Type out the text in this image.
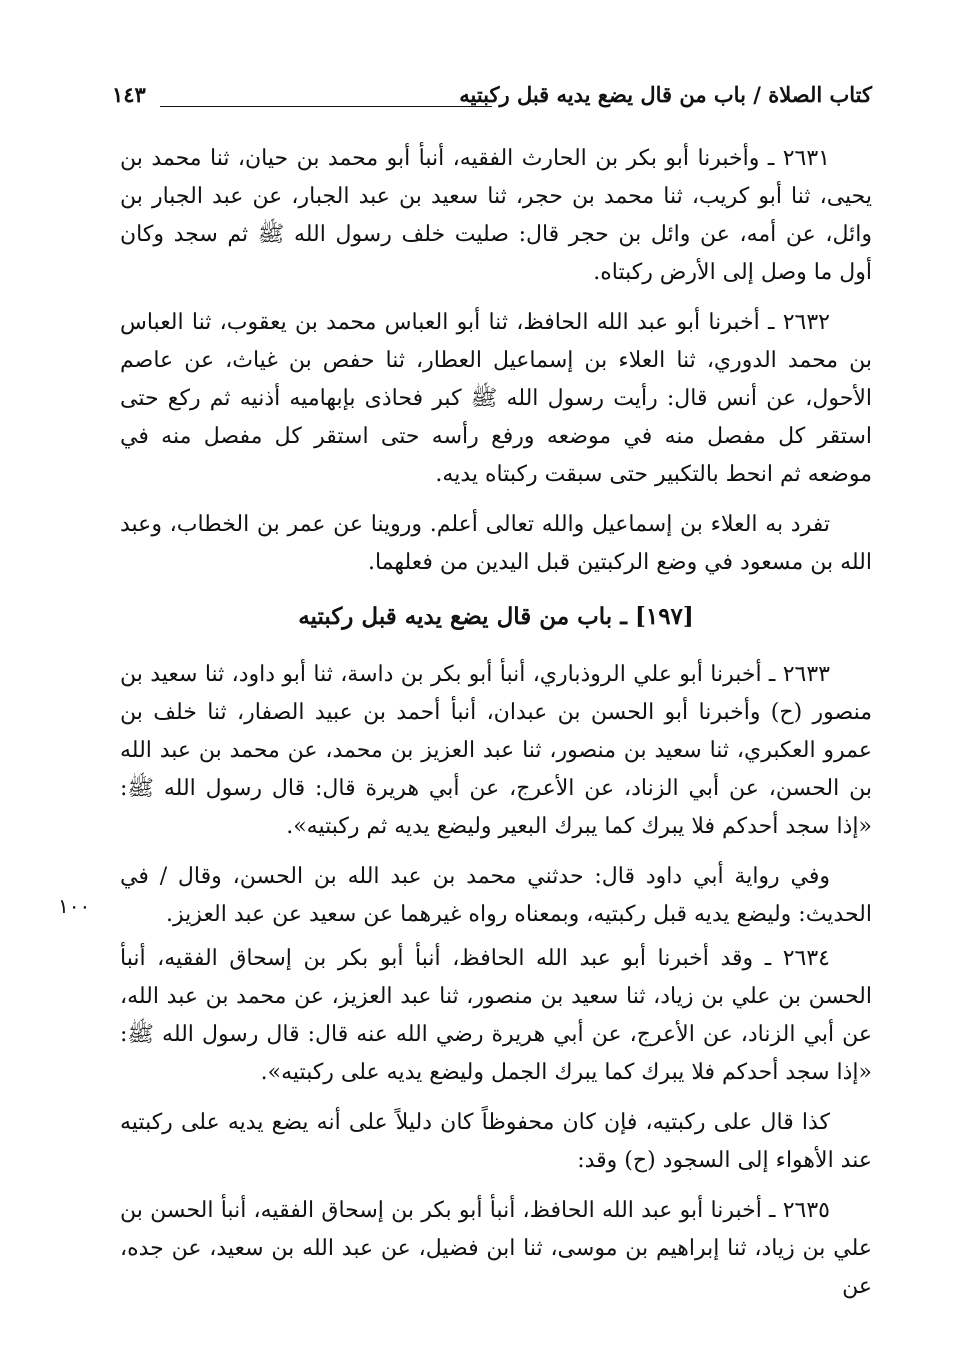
كتاب الصلاة / باب من قال يضع يديه قبل ركبتيه
١٤٣
١٠٠

٢٦٣١ ـ وأخبرنا أبو بكر بن الحارث الفقيه، أنبأ أبو محمد بن حيان، ثنا محمد بن يحيى، ثنا أبو كريب، ثنا محمد بن حجر، ثنا سعيد بن عبد الجبار، عن عبد الجبار بن وائل، عن أمه، عن وائل بن حجر قال: صليت خلف رسول الله ﷺ ثم سجد وكان أول ما وصل إلى الأرض ركبتاه.

٢٦٣٢ ـ أخبرنا أبو عبد الله الحافظ، ثنا أبو العباس محمد بن يعقوب، ثنا العباس بن محمد الدوري، ثنا العلاء بن إسماعيل العطار، ثنا حفص بن غياث، عن عاصم الأحول، عن أنس قال: رأيت رسول الله ﷺ كبر فحاذى بإبهاميه أذنيه ثم ركع حتى استقر كل مفصل منه في موضعه ورفع رأسه حتى استقر كل مفصل منه في موضعه ثم انحط بالتكبير حتى سبقت ركبتاه يديه.

تفرد به العلاء بن إسماعيل والله تعالى أعلم. وروينا عن عمر بن الخطاب، وعبد الله بن مسعود في وضع الركبتين قبل اليدين من فعلهما.

[١٩٧] ـ باب من قال يضع يديه قبل ركبتيه

٢٦٣٣ ـ أخبرنا أبو علي الروذباري، أنبأ أبو بكر بن داسة، ثنا أبو داود، ثنا سعيد بن منصور (ح) وأخبرنا أبو الحسن بن عبدان، أنبأ أحمد بن عبيد الصفار، ثنا خلف بن عمرو العكبري، ثنا سعيد بن منصور، ثنا عبد العزيز بن محمد، عن محمد بن عبد الله بن الحسن، عن أبي الزناد، عن الأعرج، عن أبي هريرة قال: قال رسول الله ﷺ: «إذا سجد أحدكم فلا يبرك كما يبرك البعير وليضع يديه ثم ركبتيه».

وفي رواية أبي داود قال: حدثني محمد بن عبد الله بن الحسن، وقال / في الحديث: وليضع يديه قبل ركبتيه، وبمعناه رواه غيرهما عن سعيد عن عبد العزيز.

٢٦٣٤ ـ وقد أخبرنا أبو عبد الله الحافظ، أنبأ أبو بكر بن إسحاق الفقيه، أنبأ الحسن بن علي بن زياد، ثنا سعيد بن منصور، ثنا عبد العزيز، عن محمد بن عبد الله، عن أبي الزناد، عن الأعرج، عن أبي هريرة رضي الله عنه قال: قال رسول الله ﷺ: «إذا سجد أحدكم فلا يبرك كما يبرك الجمل وليضع يديه على ركبتيه».

كذا قال على ركبتيه، فإن كان محفوظاً كان دليلاً على أنه يضع يديه على ركبتيه عند الأهواء إلى السجود (ح) وقد:

٢٦٣٥ ـ أخبرنا أبو عبد الله الحافظ، أنبأ أبو بكر بن إسحاق الفقيه، أنبأ الحسن بن علي بن زياد، ثنا إبراهيم بن موسى، ثنا ابن فضيل، عن عبد الله بن سعيد، عن جده، عن
